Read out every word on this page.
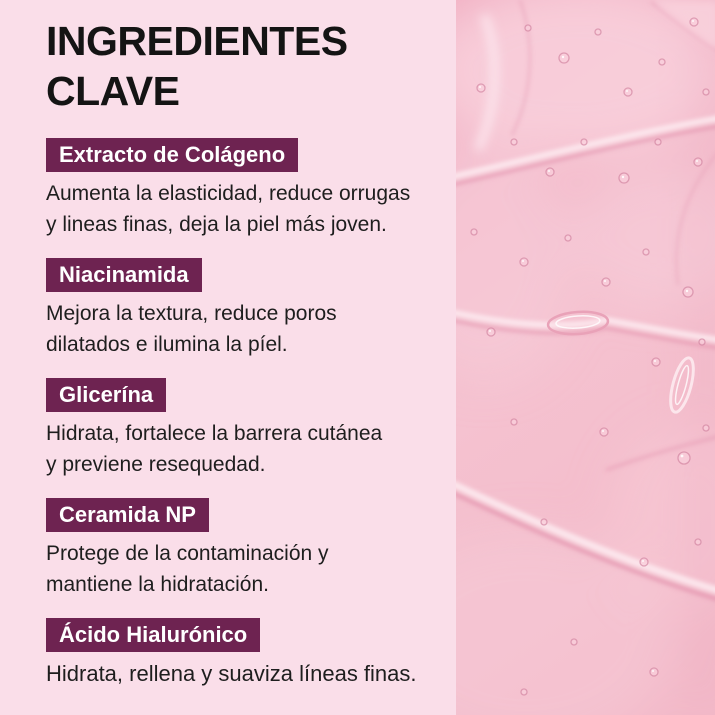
INGREDIENTES
CLAVE
Extracto de Colágeno
Aumenta la elasticidad, reduce orrugas
y lineas finas, deja la piel más joven.
Niacinamida
Mejora la textura, reduce poros
dilatados e ilumina la píel.
Glicerína
Hidrata, fortalece la barrera cutánea
y previene resequedad.
Ceramida NP
Protege de la contaminación y
mantiene la hidratación.
Ácido Hialurónico
Hidrata, rellena y suaviza líneas finas.
